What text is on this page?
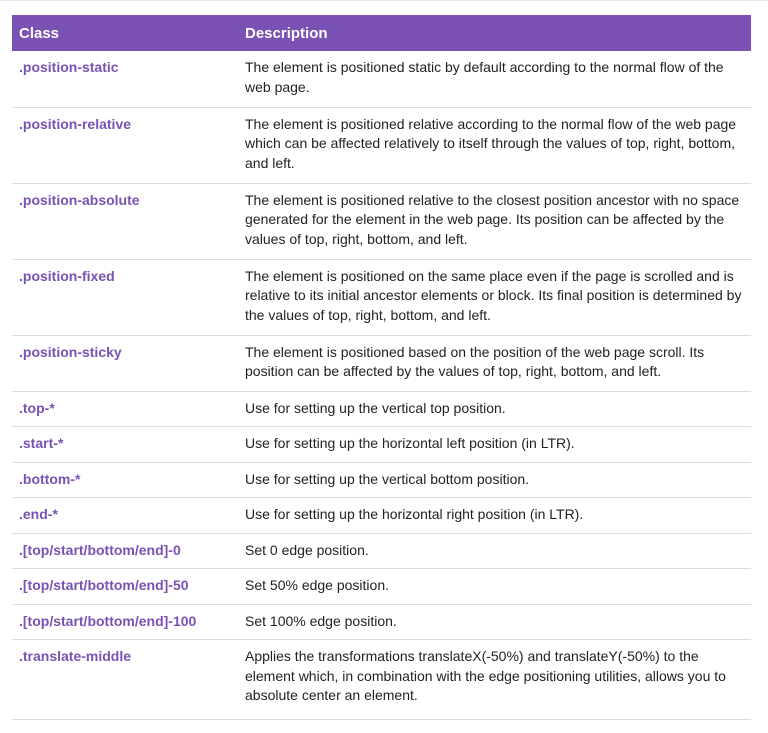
Class	Description
.position-static	The element is positioned static by default according to the normal flow of the web page.
.position-relative	The element is positioned relative according to the normal flow of the web page which can be affected relatively to itself through the values of top, right, bottom, and left.
.position-absolute	The element is positioned relative to the closest position ancestor with no space generated for the element in the web page. Its position can be affected by the values of top, right, bottom, and left.
.position-fixed	The element is positioned on the same place even if the page is scrolled and is relative to its initial ancestor elements or block. Its final position is determined by the values of top, right, bottom, and left.
.position-sticky	The element is positioned based on the position of the web page scroll. Its position can be affected by the values of top, right, bottom, and left.
.top-*	Use for setting up the vertical top position.
.start-*	Use for setting up the horizontal left position (in LTR).
.bottom-*	Use for setting up the vertical bottom position.
.end-*	Use for setting up the horizontal right position (in LTR).
.[top/start/bottom/end]-0	Set 0 edge position.
.[top/start/bottom/end]-50	Set 50% edge position.
.[top/start/bottom/end]-100	Set 100% edge position.
.translate-middle	Applies the transformations translateX(-50%) and translateY(-50%) to the element which, in combination with the edge positioning utilities, allows you to absolute center an element.
